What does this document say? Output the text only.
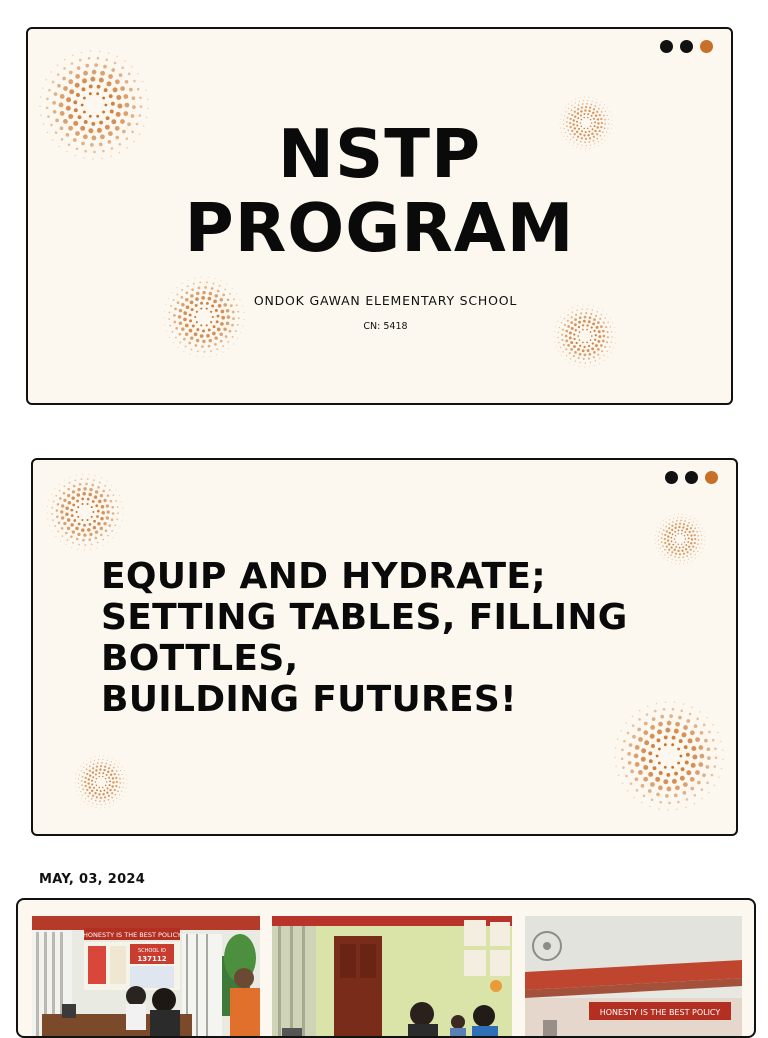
NSTP
PROGRAM
ONDOK GAWAN ELEMENTARY SCHOOL
CN: 5418
EQUIP AND HYDRATE;
SETTING TABLES, FILLING
BOTTLES,
BUILDING FUTURES!
MAY, 03, 2024
HONESTY IS THE BEST POLICY
SCHOOL ID
137112
HONESTY IS THE BEST POLICY
